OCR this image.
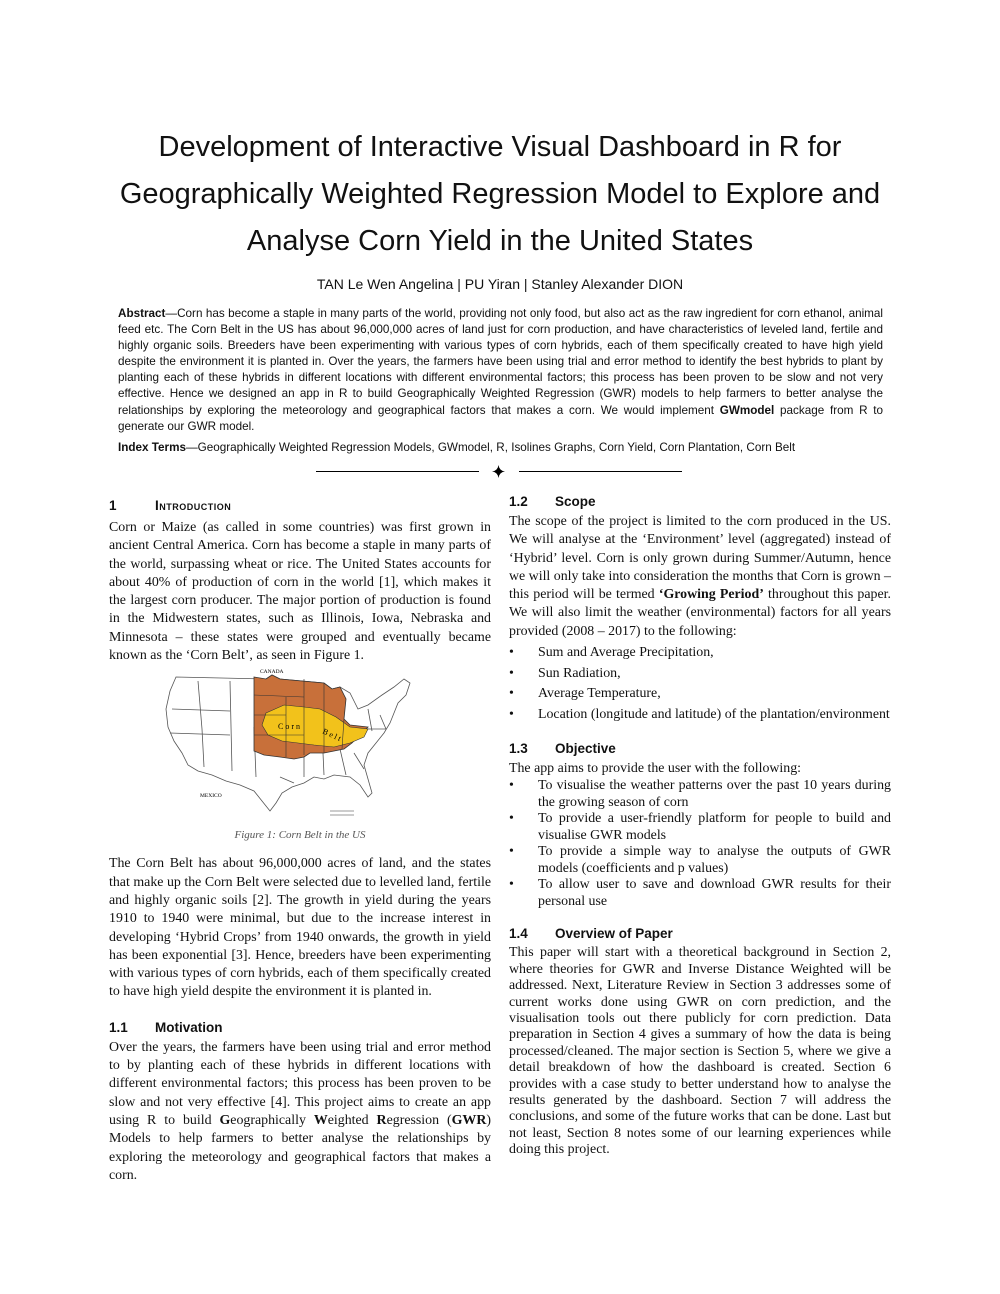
Development of Interactive Visual Dashboard in R for
Geographically Weighted Regression Model to Explore and
Analyse Corn Yield in the United States
TAN Le Wen Angelina | PU Yiran | Stanley Alexander DION

Abstract—Corn has become a staple in many parts of the world, providing not only food, but also act as the raw ingredient for corn ethanol, animal feed etc. The Corn Belt in the US has about 96,000,000 acres of land just for corn production, and have characteristics of leveled land, fertile and highly organic soils. Breeders have been experimenting with various types of corn hybrids, each of them specifically created to have high yield despite the environment it is planted in. Over the years, the farmers have been using trial and error method to identify the best hybrids to plant by planting each of these hybrids in different locations with different environmental factors; this process has been proven to be slow and not very effective. Hence we designed an app in R to build Geographically Weighted Regression (GWR) models to help farmers to better analyse the relationships by exploring the meteorology and geographical factors that makes a corn. We would implement GWmodel package from R to generate our GWR model.

Index Terms—Geographically Weighted Regression Models, GWmodel, R, Isolines Graphs, Corn Yield, Corn Plantation, Corn Belt

1	Introduction

Corn or Maize (as called in some countries) was first grown in ancient Central America. Corn has become a staple in many parts of the world, surpassing wheat or rice. The United States accounts for about 40% of production of corn in the world [1], which makes it the largest corn producer. The major portion of production is found in the Midwestern states, such as Illinois, Iowa, Nebraska and Minnesota – these states were grouped and eventually became known as the ‘Corn Belt’, as seen in Figure 1.

C o r n
B e l t
CANADA
MEXICO
Figure 1: Corn Belt in the US

The Corn Belt has about 96,000,000 acres of land, and the states that make up the Corn Belt were selected due to levelled land, fertile and highly organic soils [2]. The growth in yield during the years 1910 to 1940 were minimal, but due to the increase interest in developing ‘Hybrid Crops’ from 1940 onwards, the growth in yield has been exponential [3]. Hence, breeders have been experimenting with various types of corn hybrids, each of them specifically created to have high yield despite the environment it is planted in.

1.1 Motivation

Over the years, the farmers have been using trial and error method to by planting each of these hybrids in different locations with different environmental factors; this process has been proven to be slow and not very effective [4]. This project aims to create an app using R to build Geographically Weighted Regression (GWR) Models to help farmers to better analyse the relationships by exploring the meteorology and geographical factors that makes a corn.

1.2 Scope

The scope of the project is limited to the corn produced in the US. We will analyse at the ‘Environment’ level (aggregated) instead of ‘Hybrid’ level. Corn is only grown during Summer/Autumn, hence we will only take into consideration the months that Corn is grown – this period will be termed ‘Growing Period’ throughout this paper. We will also limit the weather (environmental) factors for all years provided (2008 – 2017) to the following:

• Sum and Average Precipitation,
• Sun Radiation,
• Average Temperature,
• Location (longitude and latitude) of the plantation/environment
1.3 Objective

The app aims to provide the user with the following:

• To visualise the weather patterns over the past 10 years during the growing season of corn
• To provide a user-friendly platform for people to build and visualise GWR models
• To provide a simple way to analyse the outputs of GWR models (coefficients and p values)
• To allow user to save and download GWR results for their personal use
1.4 Overview of Paper

This paper will start with a theoretical background in Section 2, where theories for GWR and Inverse Distance Weighted will be addressed. Next, Literature Review in Section 3 addresses some of current works done using GWR on corn prediction, and the visualisation tools out there publicly for corn prediction. Data preparation in Section 4 gives a summary of how the data is being processed/cleaned. The major section is Section 5, where we give a detail breakdown of how the dashboard is created. Section 6 provides with a case study to better understand how to analyse the results generated by the dashboard. Section 7 will address the conclusions, and some of the future works that can be done. Last but not least, Section 8 notes some of our learning experiences while doing this project.
